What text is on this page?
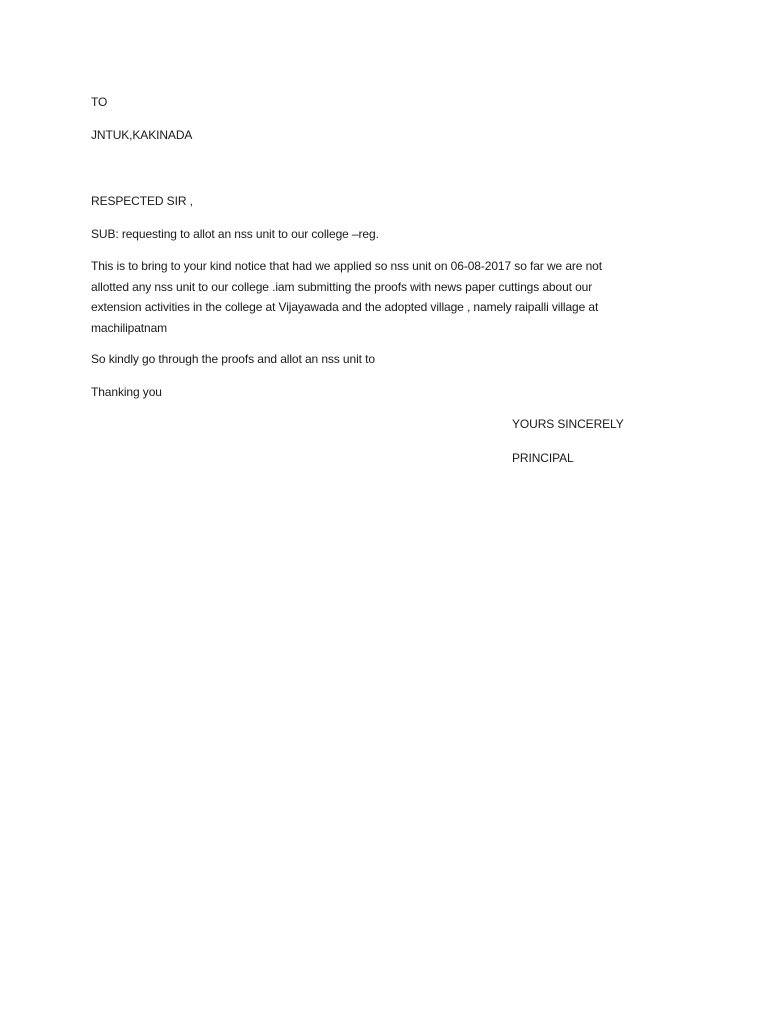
TO
JNTUK,KAKINADA
RESPECTED SIR ,
SUB: requesting to allot an nss unit to our college –reg.
This is to bring to your kind notice that had we applied so nss unit on 06-08-2017 so far we are not
allotted any nss unit to our college .iam submitting the proofs with news paper cuttings about our
extension activities in the college at Vijayawada and the adopted village , namely raipalli village at
machilipatnam
So kindly go through the proofs and allot an nss unit to
Thanking you
YOURS SINCERELY
PRINCIPAL
